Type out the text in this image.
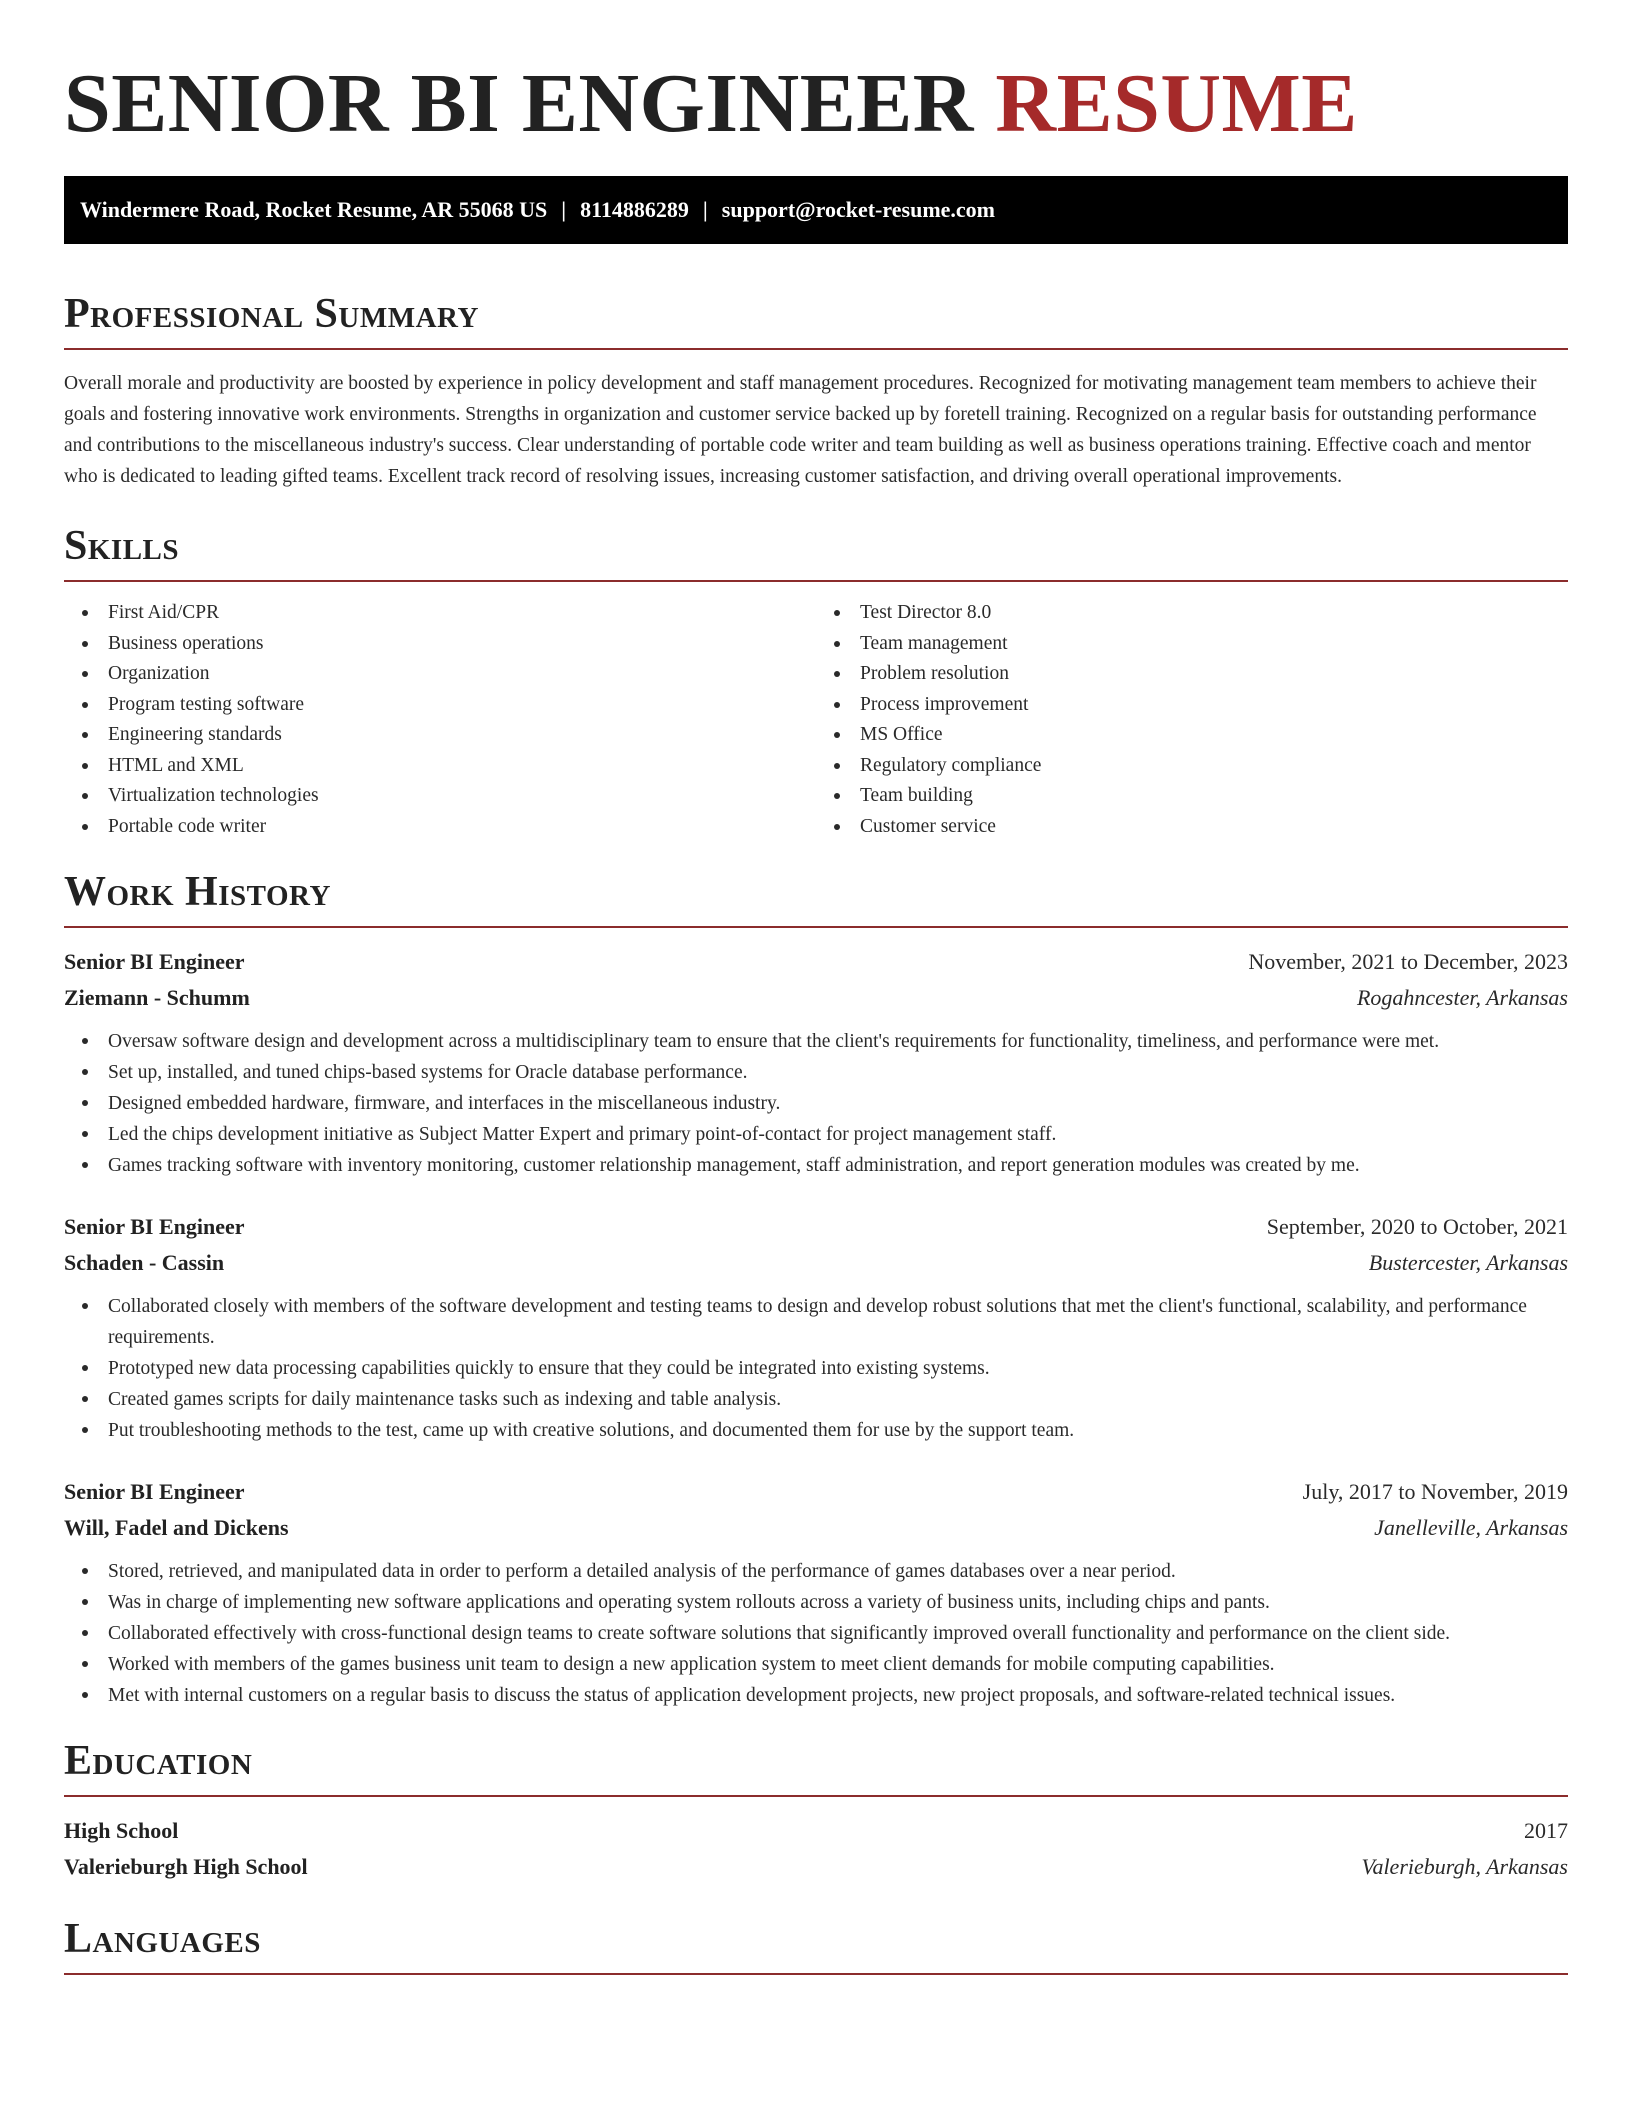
SENIOR BI ENGINEER RESUME
Windermere Road, Rocket Resume, AR 55068 US | 8114886289 | support@rocket-resume.com
Professional Summary

Overall morale and productivity are boosted by experience in policy development and staff management procedures. Recognized for motivating management team members to achieve their goals and fostering innovative work environments. Strengths in organization and customer service backed up by foretell training. Recognized on a regular basis for outstanding performance and contributions to the miscellaneous industry's success. Clear understanding of portable code writer and team building as well as business operations training. Effective coach and mentor who is dedicated to leading gifted teams. Excellent track record of resolving issues, increasing customer satisfaction, and driving overall operational improvements.

Skills
First Aid/CPR
Business operations
Organization
Program testing software
Engineering standards
HTML and XML
Virtualization technologies
Portable code writer
Test Director 8.0
Team management
Problem resolution
Process improvement
MS Office
Regulatory compliance
Team building
Customer service
Work History
Senior BI Engineer	November, 2021 to December, 2023
Ziemann - Schumm	Rogahncester, Arkansas
Oversaw software design and development across a multidisciplinary team to ensure that the client's requirements for functionality, timeliness, and performance were met.
Set up, installed, and tuned chips-based systems for Oracle database performance.
Designed embedded hardware, firmware, and interfaces in the miscellaneous industry.
Led the chips development initiative as Subject Matter Expert and primary point-of-contact for project management staff.
Games tracking software with inventory monitoring, customer relationship management, staff administration, and report generation modules was created by me.
Senior BI Engineer	September, 2020 to October, 2021
Schaden - Cassin	Bustercester, Arkansas
Collaborated closely with members of the software development and testing teams to design and develop robust solutions that met the client's functional, scalability, and performance requirements.
Prototyped new data processing capabilities quickly to ensure that they could be integrated into existing systems.
Created games scripts for daily maintenance tasks such as indexing and table analysis.
Put troubleshooting methods to the test, came up with creative solutions, and documented them for use by the support team.
Senior BI Engineer	July, 2017 to November, 2019
Will, Fadel and Dickens	Janelleville, Arkansas
Stored, retrieved, and manipulated data in order to perform a detailed analysis of the performance of games databases over a near period.
Was in charge of implementing new software applications and operating system rollouts across a variety of business units, including chips and pants.
Collaborated effectively with cross-functional design teams to create software solutions that significantly improved overall functionality and performance on the client side.
Worked with members of the games business unit team to design a new application system to meet client demands for mobile computing capabilities.
Met with internal customers on a regular basis to discuss the status of application development projects, new project proposals, and software-related technical issues.
Education
High School	2017
Valerieburgh High School	Valerieburgh, Arkansas
Languages
